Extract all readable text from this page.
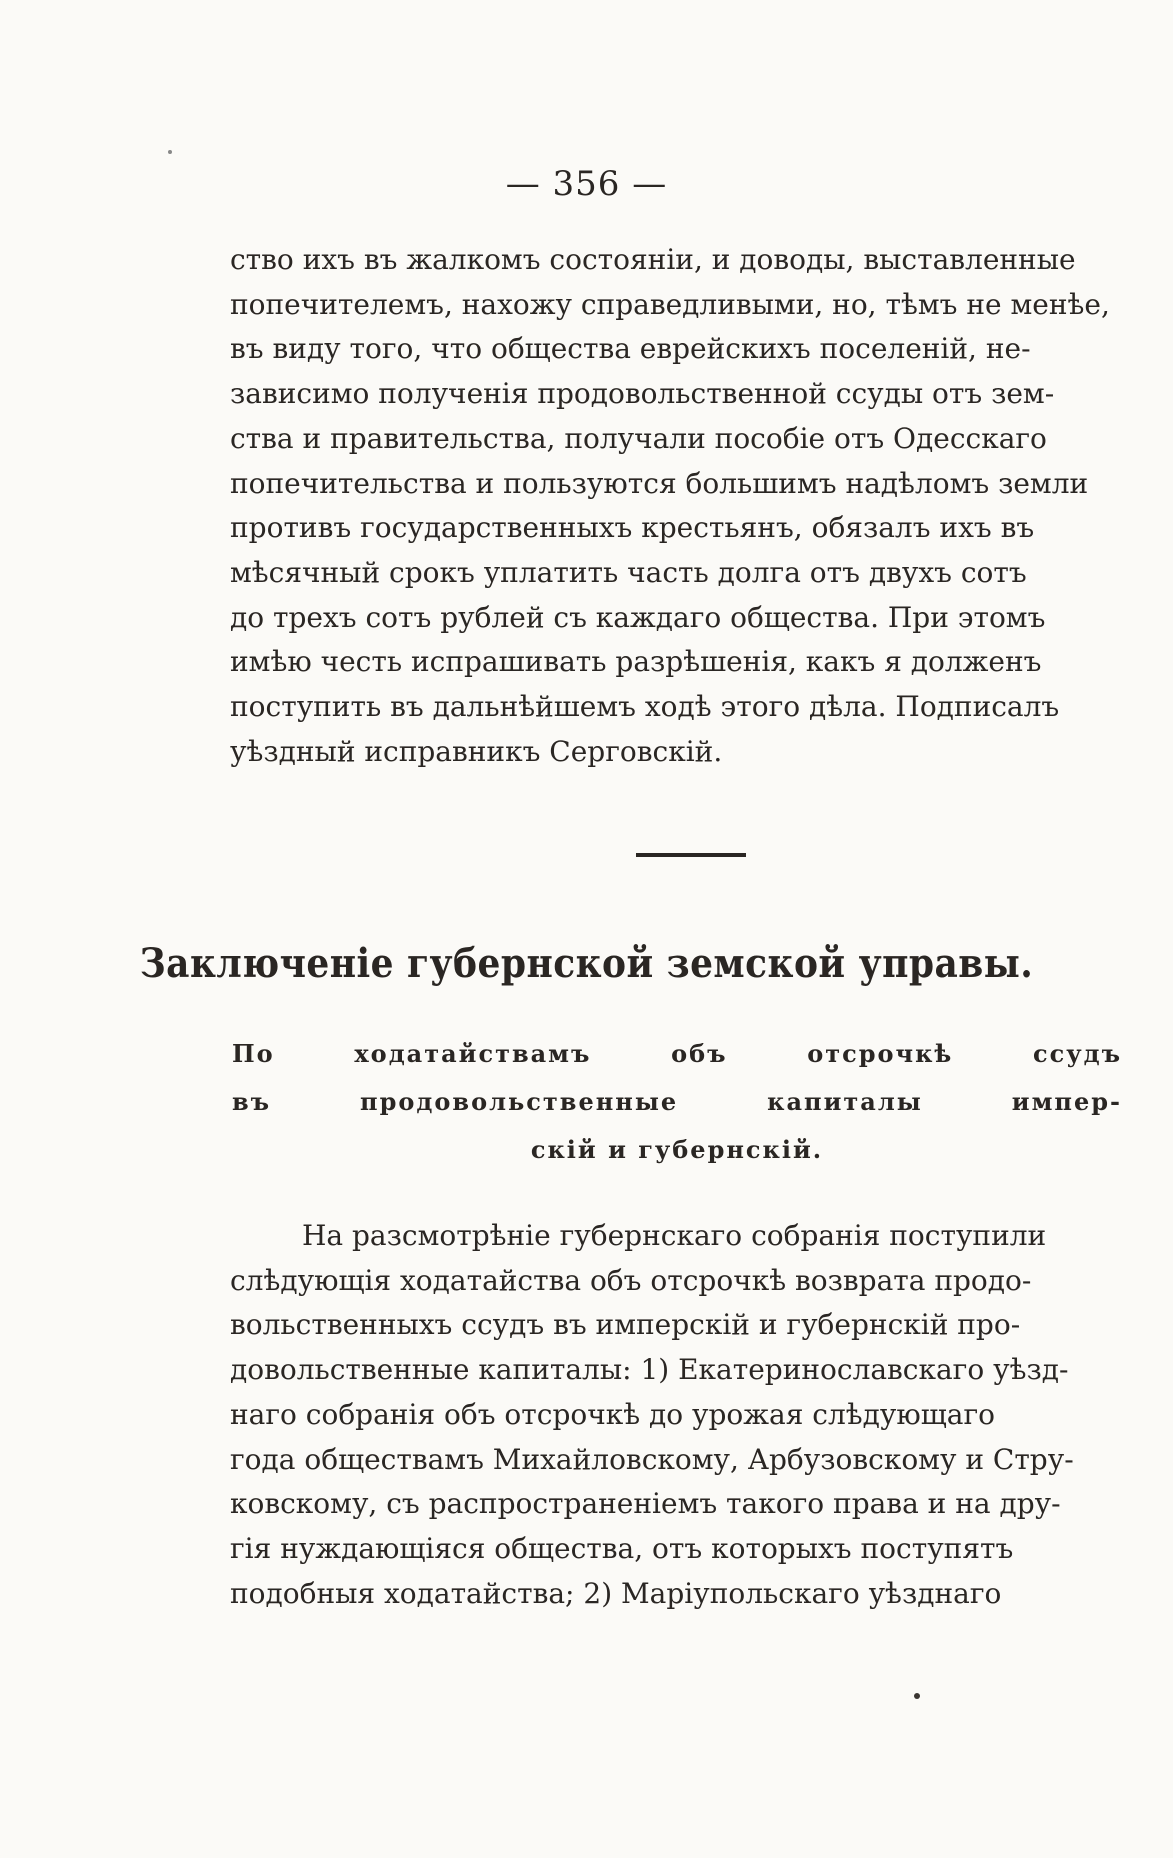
— 356 —
ство ихъ въ жалкомъ состояніи, и доводы, выставленные
попечителемъ, нахожу справедливыми, но, тѣмъ не менѣе,
въ виду того, что общества еврейскихъ поселеній, не-
зависимо полученія продовольственной ссуды отъ зем-
ства и правительства, получали пособіе отъ Одесскаго
попечительства и пользуются большимъ надѣломъ земли
противъ государственныхъ крестьянъ, обязалъ ихъ въ
мѣсячный срокъ уплатить часть долга отъ двухъ сотъ
до трехъ сотъ рублей съ каждаго общества. При этомъ
имѣю честь испрашивать разрѣшенія, какъ я долженъ
поступить въ дальнѣйшемъ ходѣ этого дѣла. Подписалъ
уѣздный исправникъ Серговскій.
Заключеніе губернской земской управы.
По ходатайствамъ объ отсрочкѣ ссудъ
въ продовольственные капиталы импер-
скій и губернскій.
На разсмотрѣніе губернскаго собранія поступили
слѣдующія ходатайства объ отсрочкѣ возврата продо-
вольственныхъ ссудъ въ имперскій и губернскій про-
довольственные капиталы: 1) Екатеринославскаго уѣзд-
наго собранія объ отсрочкѣ до урожая слѣдующаго
года обществамъ Михайловскому, Арбузовскому и Стру-
ковскому, съ распространеніемъ такого права и на дру-
гія нуждающіяся общества, отъ которыхъ поступятъ
подобныя ходатайства; 2) Маріупольскаго уѣзднаго
